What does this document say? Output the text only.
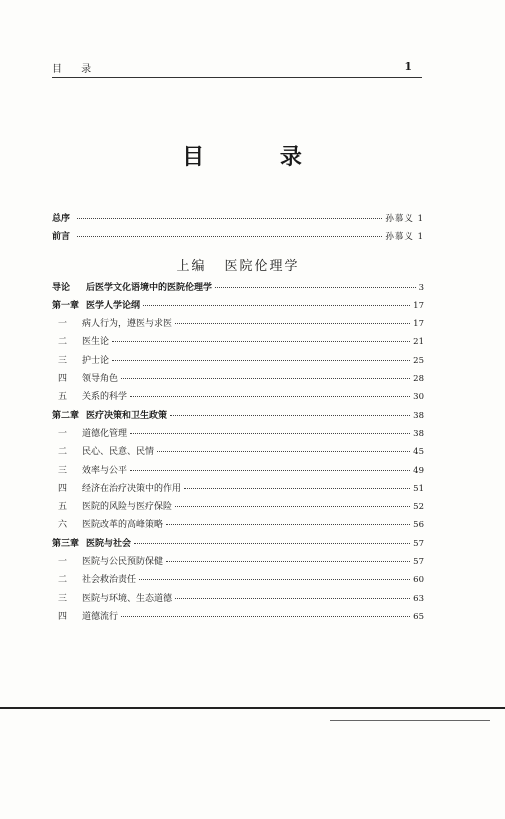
目 录	1
目 录
总序	孙慕义 1
前言	孙慕义 1
上编 医院伦理学
导论	后医学文化语境中的医院伦理学	3
第一章 医学人学论纲	17
一	病人行为，遵医与求医	17
二	医生论	21
三	护士论	25
四	领导角色	28
五	关系的科学	30
第二章 医疗决策和卫生政策	38
一	道德化管理	38
二	民心、民意、民情	45
三	效率与公平	49
四	经济在治疗决策中的作用	51
五	医院的风险与医疗保险	52
六	医院改革的高峰策略	56
第三章 医院与社会	57
一	医院与公民预防保健	57
二	社会救治责任	60
三	医院与环境、生态道德	63
四	道德流行	65
